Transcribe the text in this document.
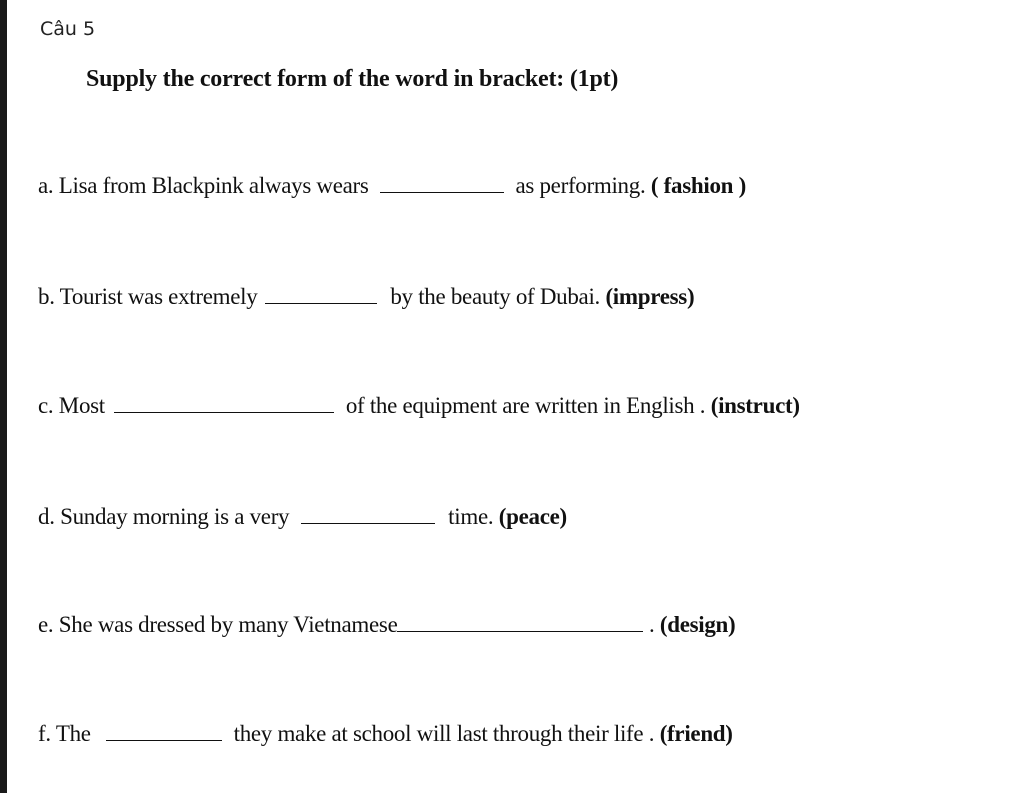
Câu 5
Supply the correct form of the word in bracket: (1pt)
a. Lisa from Blackpink always wears	as performing. ( fashion )
b. Tourist was extremely	by the beauty of Dubai. (impress)
c. Most	of the equipment are written in English . (instruct)
d. Sunday morning is a very	time. (peace)
e. She was dressed by many Vietnamese	. (design)
f. The	they make at school will last through their life . (friend)
